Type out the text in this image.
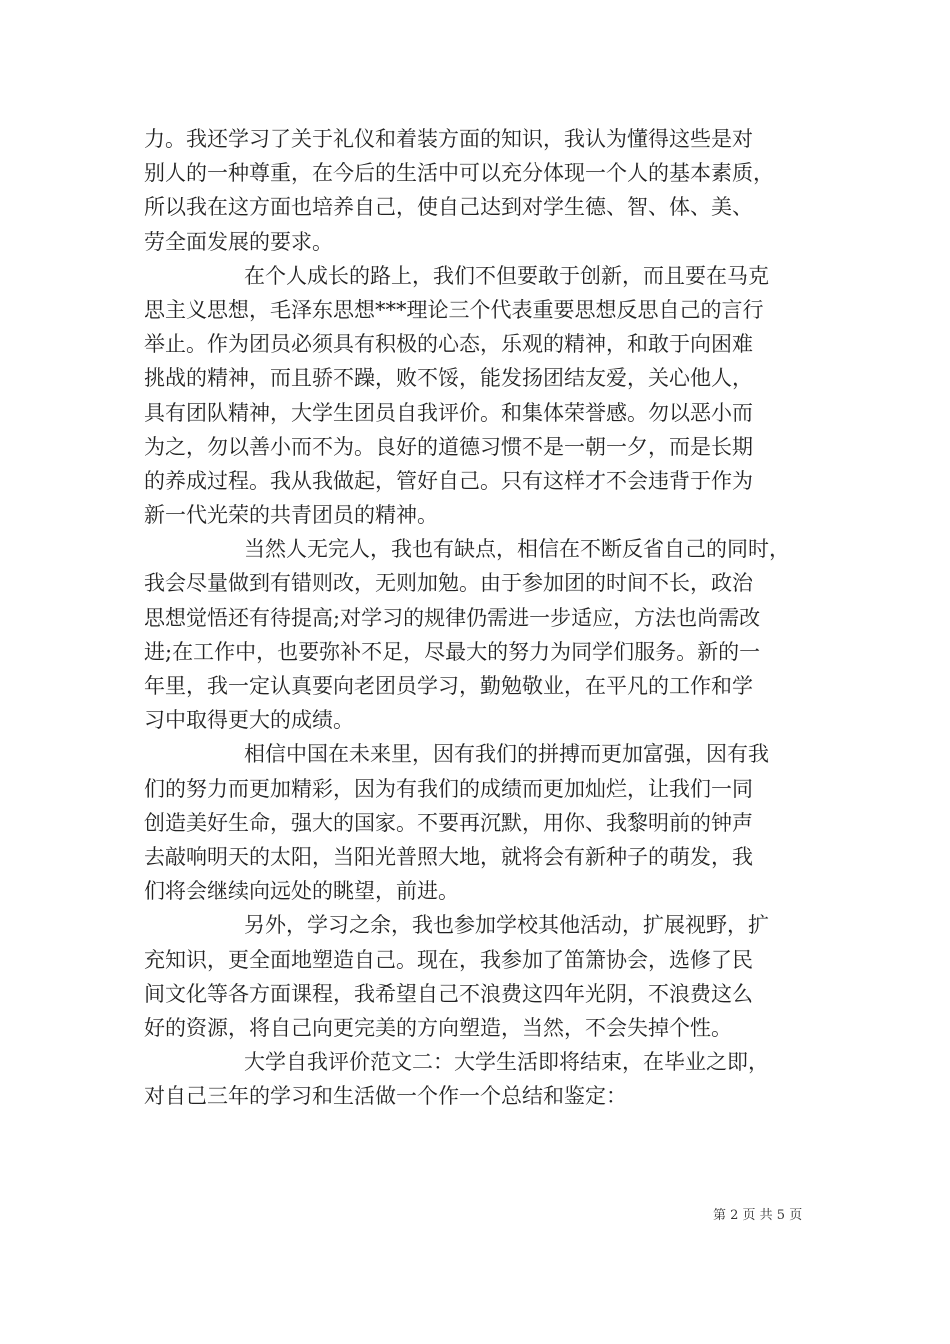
力。我还学习了关于礼仪和着装方面的知识，我认为懂得这些是对
别人的一种尊重，在今后的生活中可以充分体现一个人的基本素质，
所以我在这方面也培养自己，使自己达到对学生德、智、体、美、
劳全面发展的要求。
在个人成长的路上，我们不但要敢于创新，而且要在马克
思主义思想，毛泽东思想***理论三个代表重要思想反思自己的言行
举止。作为团员必须具有积极的心态，乐观的精神，和敢于向困难
挑战的精神，而且骄不躁，败不馁，能发扬团结友爱，关心他人，
具有团队精神，大学生团员自我评价。和集体荣誉感。勿以恶小而
为之，勿以善小而不为。良好的道德习惯不是一朝一夕，而是长期
的养成过程。我从我做起，管好自己。只有这样才不会违背于作为
新一代光荣的共青团员的精神。
当然人无完人，我也有缺点，相信在不断反省自己的同时，
我会尽量做到有错则改，无则加勉。由于参加团的时间不长，政治
思想觉悟还有待提高;对学习的规律仍需进一步适应，方法也尚需改
进;在工作中，也要弥补不足，尽最大的努力为同学们服务。新的一
年里，我一定认真要向老团员学习，勤勉敬业，在平凡的工作和学
习中取得更大的成绩。
相信中国在未来里，因有我们的拼搏而更加富强，因有我
们的努力而更加精彩，因为有我们的成绩而更加灿烂，让我们一同
创造美好生命，强大的国家。不要再沉默，用你、我黎明前的钟声
去敲响明天的太阳，当阳光普照大地，就将会有新种子的萌发，我
们将会继续向远处的眺望，前进。
另外，学习之余，我也参加学校其他活动，扩展视野，扩
充知识，更全面地塑造自己。现在，我参加了笛箫协会，选修了民
间文化等各方面课程，我希望自己不浪费这四年光阴，不浪费这么
好的资源，将自己向更完美的方向塑造，当然，不会失掉个性。
大学自我评价范文二：大学生活即将结束，在毕业之即，
对自己三年的学习和生活做一个作一个总结和鉴定：
第 2 页 共 5 页
